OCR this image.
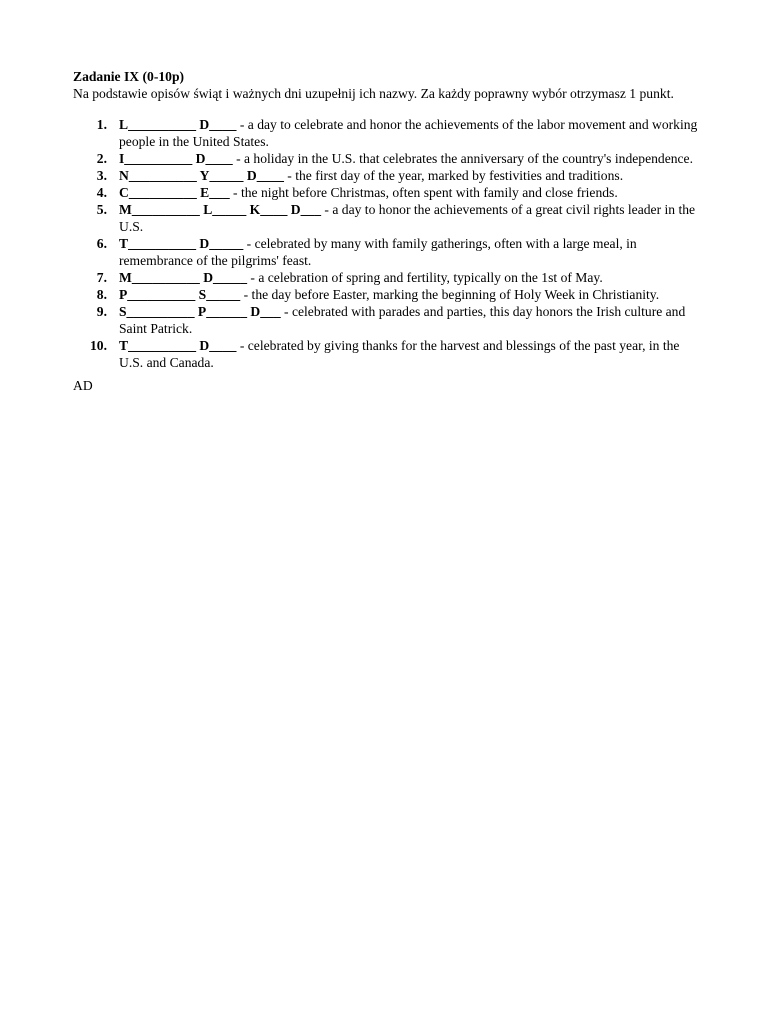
Zadanie IX (0-10p)

Na podstawie opisów świąt i ważnych dni uzupełnij ich nazwy. Za każdy poprawny wybór otrzymasz 1 punkt.

1. L__________ D____ - a day to celebrate and honor the achievements of the labor movement and working people in the United States.
2. I__________ D____ - a holiday in the U.S. that celebrates the anniversary of the country's independence.
3. N__________ Y_____ D____ - the first day of the year, marked by festivities and traditions.
4. C__________ E___ - the night before Christmas, often spent with family and close friends.
5. M__________ L_____ K____ D___ - a day to honor the achievements of a great civil rights leader in the U.S.
6. T__________ D_____ - celebrated by many with family gatherings, often with a large meal, in remembrance of the pilgrims' feast.
7. M__________ D_____ - a celebration of spring and fertility, typically on the 1st of May.
8. P__________ S_____ - the day before Easter, marking the beginning of Holy Week in Christianity.
9. S__________ P______ D___ - celebrated with parades and parties, this day honors the Irish culture and Saint Patrick.
10. T__________ D____ - celebrated by giving thanks for the harvest and blessings of the past year, in the U.S. and Canada.

AD
